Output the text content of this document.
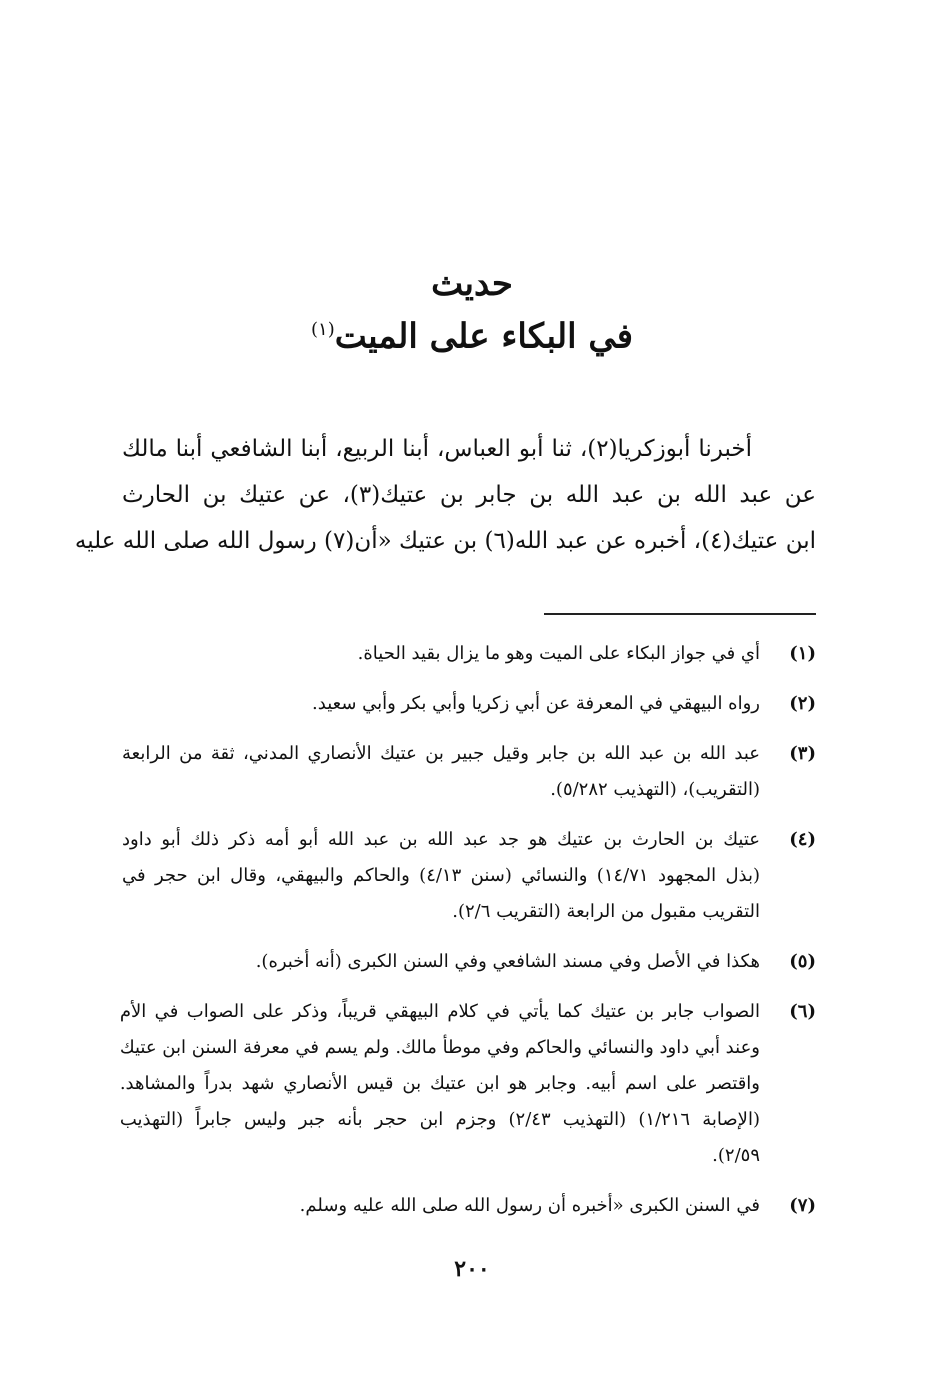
حديث

في البكاء على الميت$^{(١)}$

أخبرنا أبوزكريا(٢)، ثنا أبو العباس، أبنا الربيع، أبنا الشافعي أبنا مالك
عن عبد الله بن عبد الله بن جابر بن عتيك(٣)، عن عتيك بن الحارث
ابن عتيك(٤)، أخبره عن عبد الله(٦) بن عتيك «أن(٧) رسول الله صلى الله عليه
(١)
أي في جواز البكاء على الميت وهو ما يزال بقيد الحياة.
(٢)
رواه البيهقي في المعرفة عن أبي زكريا وأبي بكر وأبي سعيد.
(٣)
عبد الله بن عبد الله بن جابر وقيل جبير بن عتيك الأنصاري المدني، ثقة من الرابعة
(التقريب)، (التهذيب ٥/٢٨٢).
(٤)
عتيك بن الحارث بن عتيك هو جد عبد الله بن عبد الله أبو أمه ذكر ذلك أبو داود
(بذل المجهود ١٤/٧١) والنسائي (سنن ٤/١٣) والحاكم والبيهقي، وقال ابن حجر في
التقريب مقبول من الرابعة (التقريب ٢/٦).
(٥)
هكذا في الأصل وفي مسند الشافعي وفي السنن الكبرى (أنه أخبره).
(٦)
الصواب جابر بن عتيك كما يأتي في كلام البيهقي قريباً، وذكر على الصواب في الأم
وعند أبي داود والنسائي والحاكم وفي موطأ مالك. ولم يسم في معرفة السنن ابن عتيك
واقتصر على اسم أبيه. وجابر هو ابن عتيك بن قيس الأنصاري شهد بدراً والمشاهد.
(الإصابة ١/٢١٦) (التهذيب ٢/٤٣) وجزم ابن حجر بأنه جبر وليس جابراً (التهذيب
٢/٥٩).
(٧)
في السنن الكبرى «أخبره أن رسول الله صلى الله عليه وسلم.
٢٠٠
